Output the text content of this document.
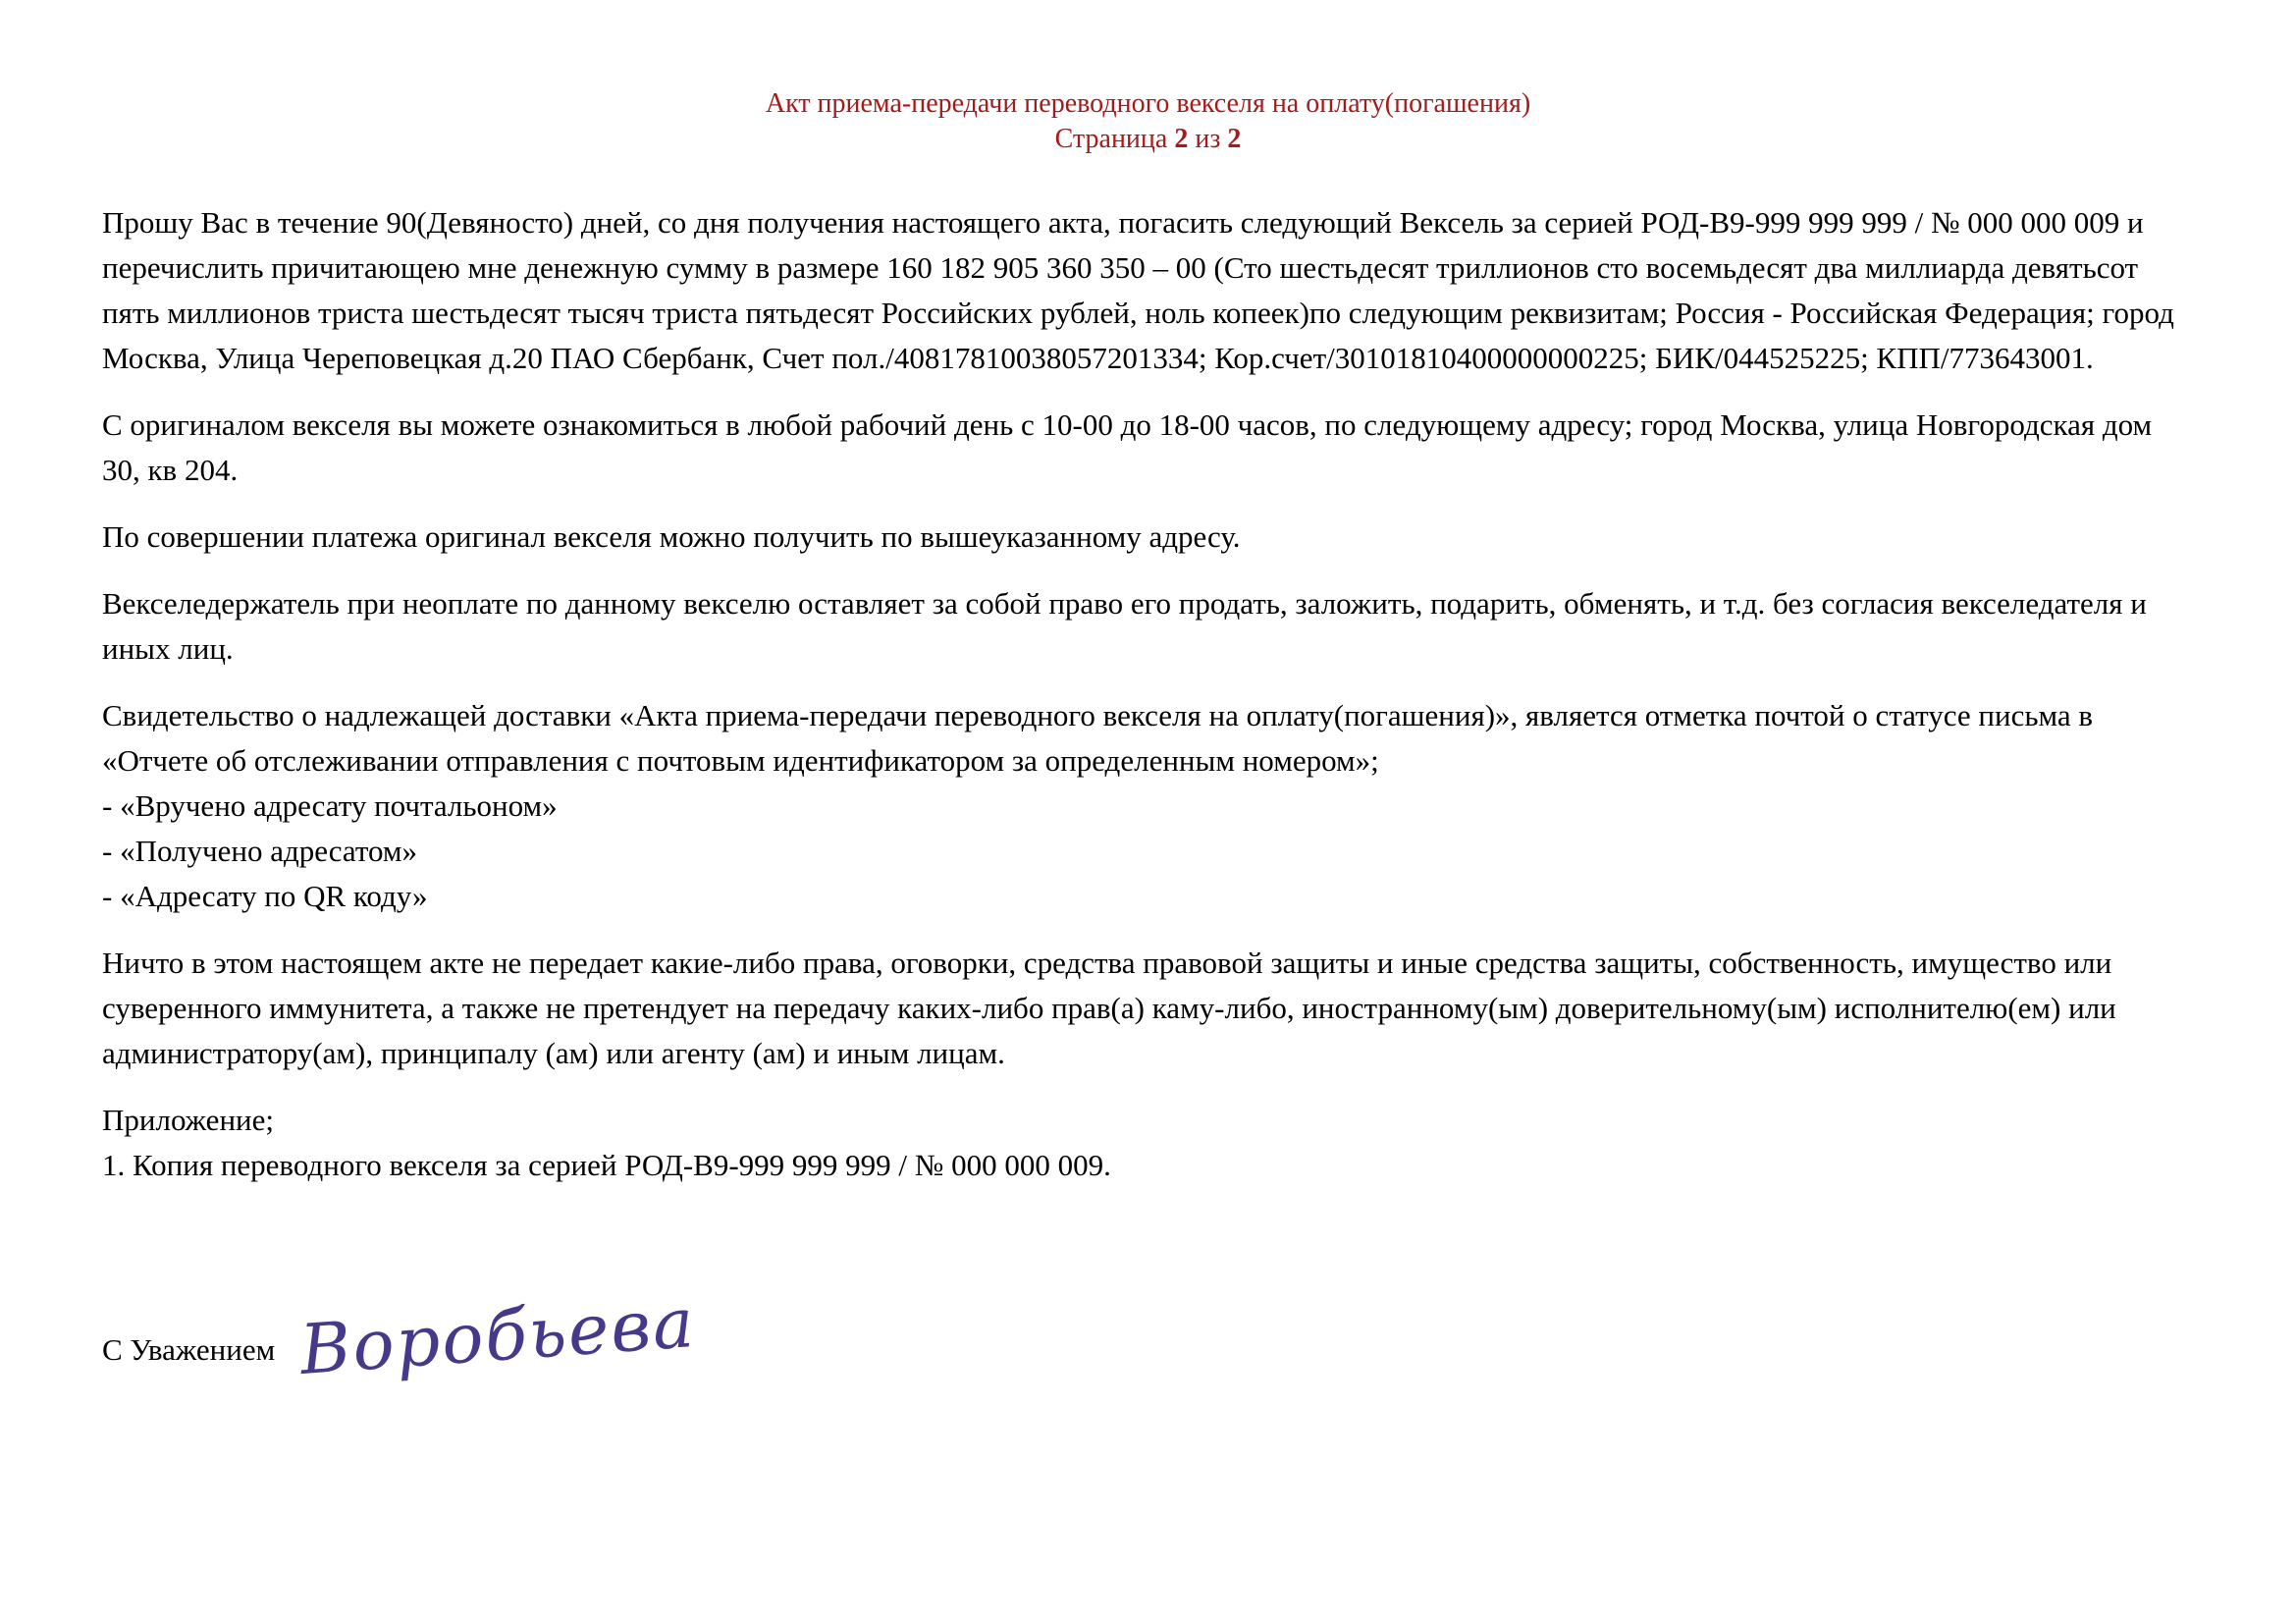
Акт приема-передачи переводного векселя на оплату(погашения)
Страница 2 из 2

Прошу Вас в течение 90(Девяносто) дней, со дня получения настоящего акта, погасить следующий Вексель за серией РОД-В9-999 999 999 / № 000 000 009 и перечислить причитающею мне денежную сумму в размере 160 182 905 360 350 – 00 (Сто шестьдесят триллионов сто восемьдесят два миллиарда девятьсот пять миллионов триста шестьдесят тысяч триста пятьдесят Российских рублей, ноль копеек)по следующим реквизитам; Россия - Российская Федерация; город Москва, Улица Череповецкая д.20 ПАО Сбербанк, Счет пол./40817810038057201334; Кор.счет/30101810400000000225; БИК/044525225; КПП/773643001.

С оригиналом векселя вы можете ознакомиться в любой рабочий день с 10-00 до 18-00 часов, по следующему адресу; город Москва, улица Новгородская дом 30, кв 204.

По совершении платежа оригинал векселя можно получить по вышеуказанному адресу.

Векселедержатель при неоплате по данному векселю оставляет за собой право его продать, заложить, подарить, обменять, и т.д. без согласия векселедателя и иных лиц.

Свидетельство о надлежащей доставки «Акта приема-передачи переводного векселя на оплату(погашения)», является отметка почтой о статусе письма в «Отчете об отслеживании отправления с почтовым идентификатором за определенным номером»;

- «Вручено адресату почтальоном»
- «Получено адресатом»
- «Адресату по QR коду»

Ничто в этом настоящем акте не передает какие-либо права, оговорки, средства правовой защиты и иные средства защиты, собственность, имущество или суверенного иммунитета, а также не претендует на передачу каких-либо прав(а) каму-либо, иностранному(ым) доверительному(ым) исполнителю(ем) или администратору(ам), принципалу (ам) или агенту (ам) и иным лицам.

Приложение;
1. Копия переводного векселя за серией РОД-В9-999 999 999 / № 000 000 009.
С Уважением Воробьева
